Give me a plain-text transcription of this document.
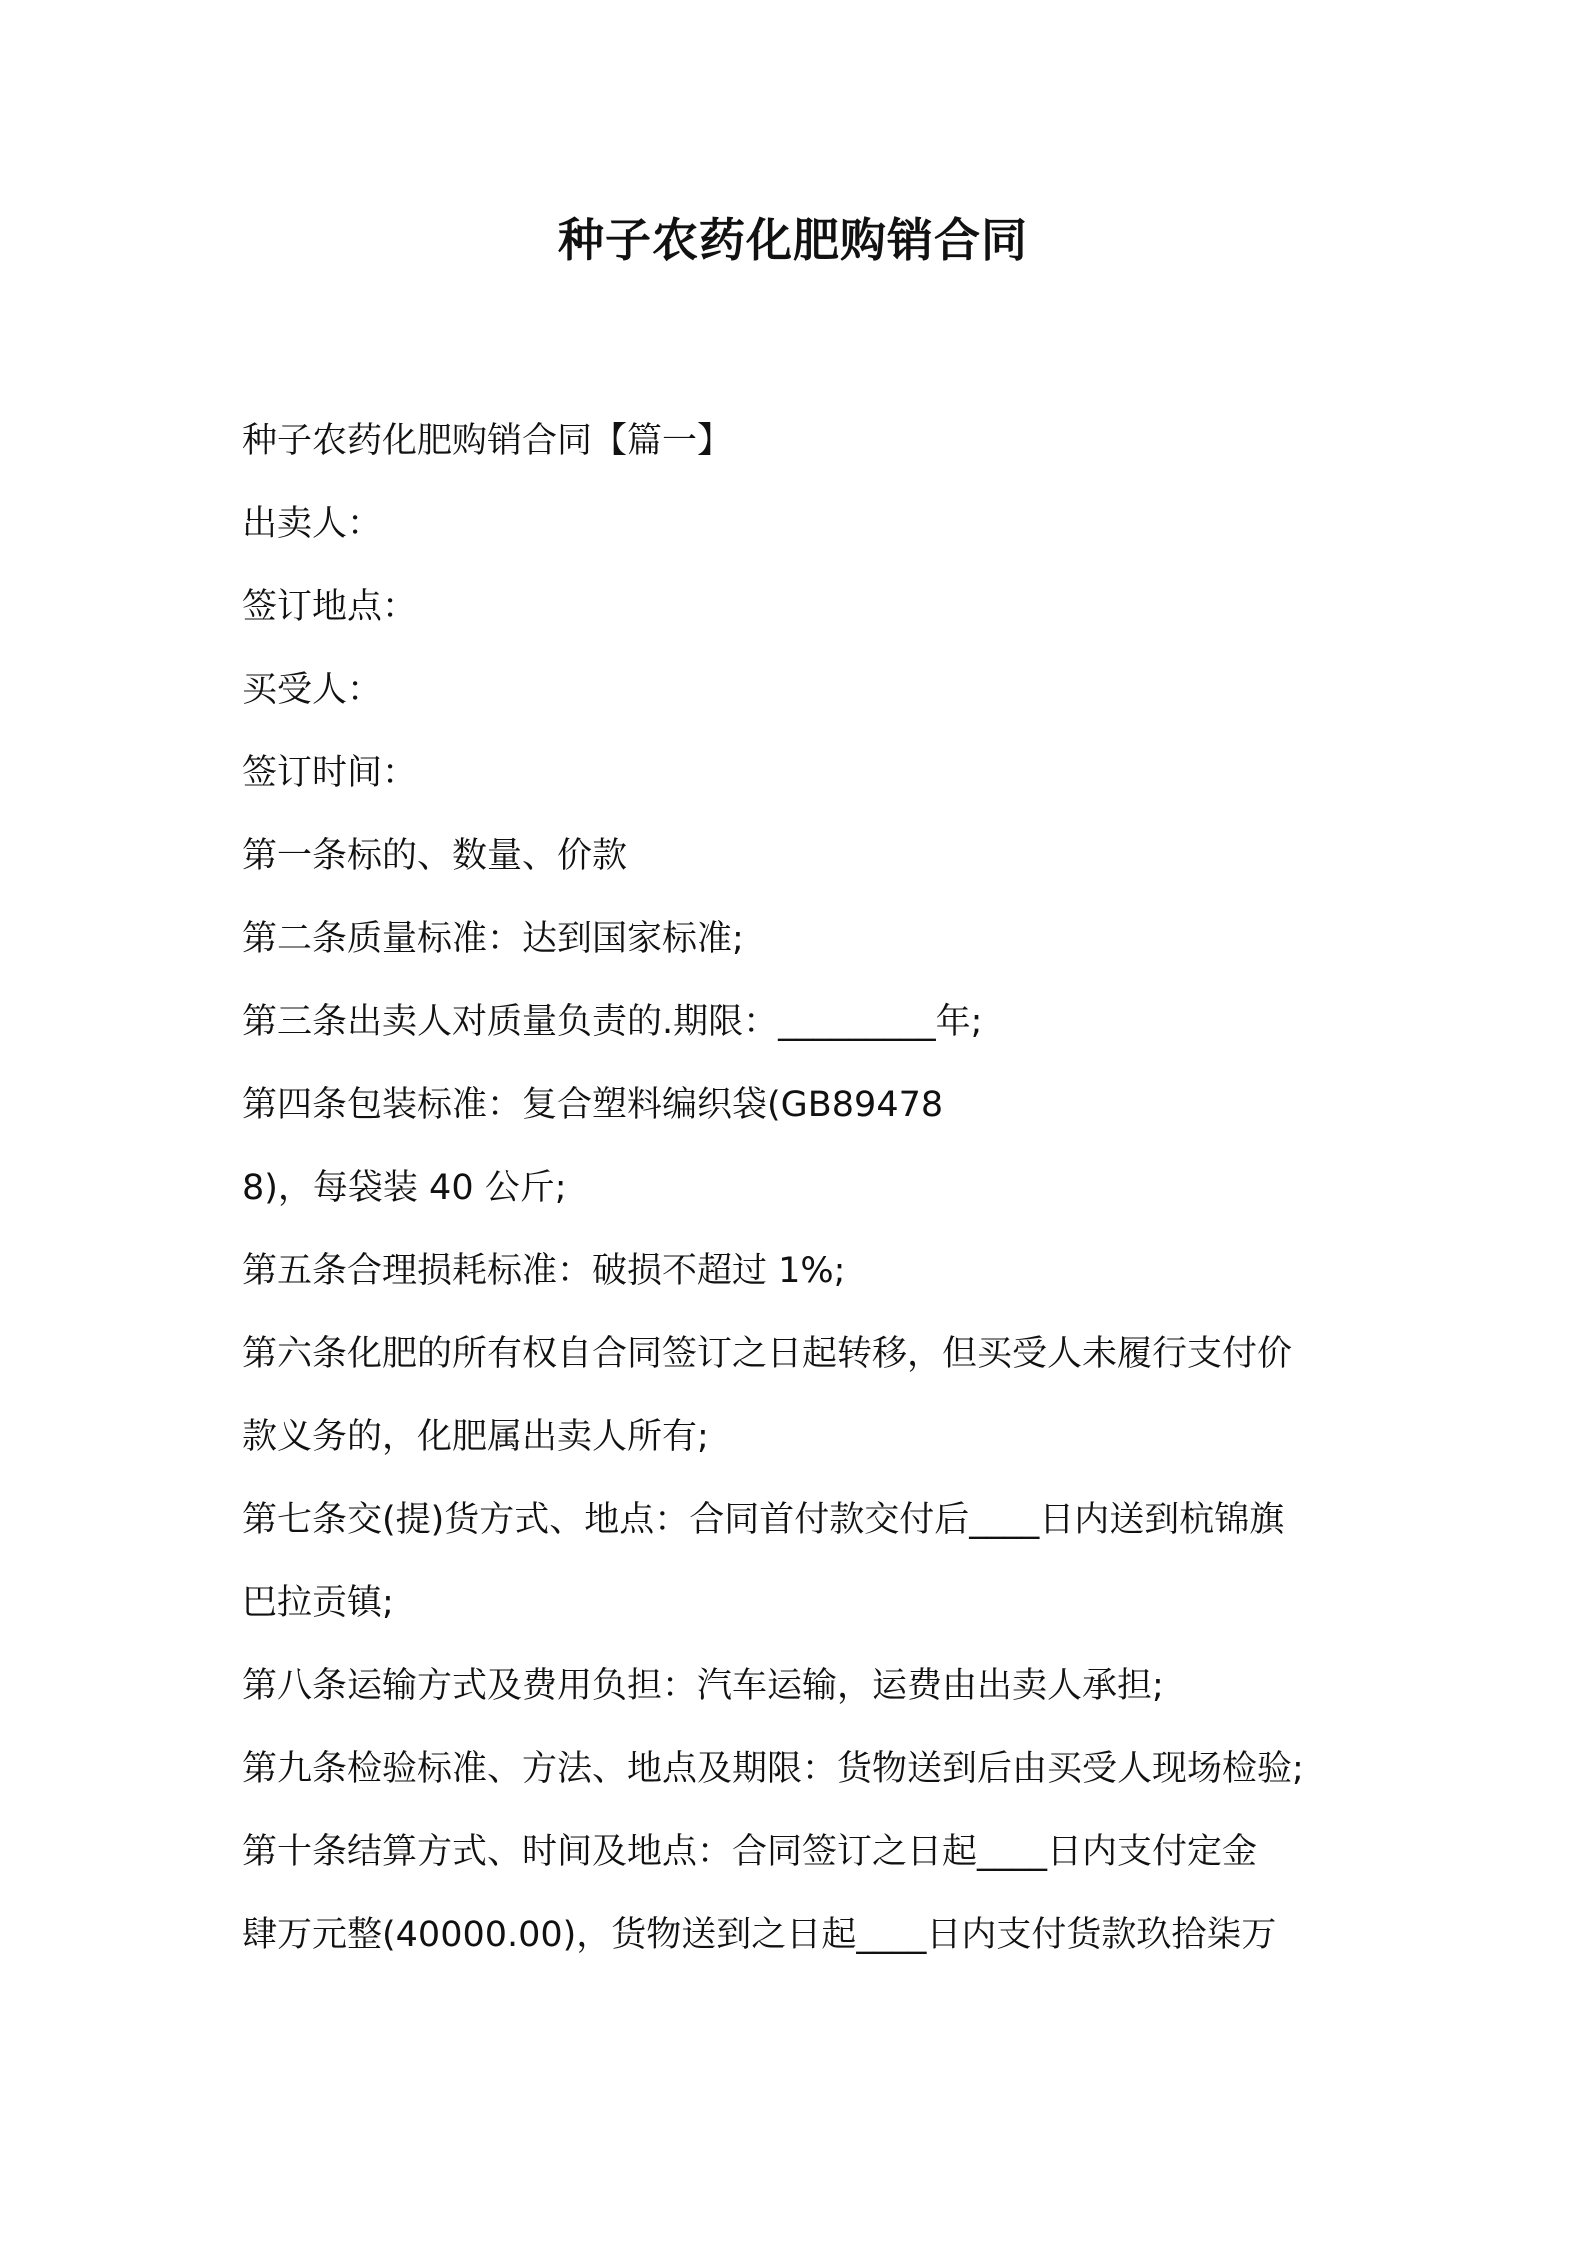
种子农药化肥购销合同
种子农药化肥购销合同【篇一】
出卖人：
签订地点：
买受人：
签订时间：
第一条标的、数量、价款
第二条质量标准：达到国家标准;
第三条出卖人对质量负责的.期限：_________年;
第四条包装标准：复合塑料编织袋(GB89478
8)，每袋装 40 公斤;
第五条合理损耗标准：破损不超过 1%;
第六条化肥的所有权自合同签订之日起转移，但买受人未履行支付价
款义务的，化肥属出卖人所有;
第七条交(提)货方式、地点：合同首付款交付后____日内送到杭锦旗
巴拉贡镇;
第八条运输方式及费用负担：汽车运输，运费由出卖人承担;
第九条检验标准、方法、地点及期限：货物送到后由买受人现场检验;
第十条结算方式、时间及地点：合同签订之日起____日内支付定金
肆万元整(40000.00)，货物送到之日起____日内支付货款玖拾柒万
